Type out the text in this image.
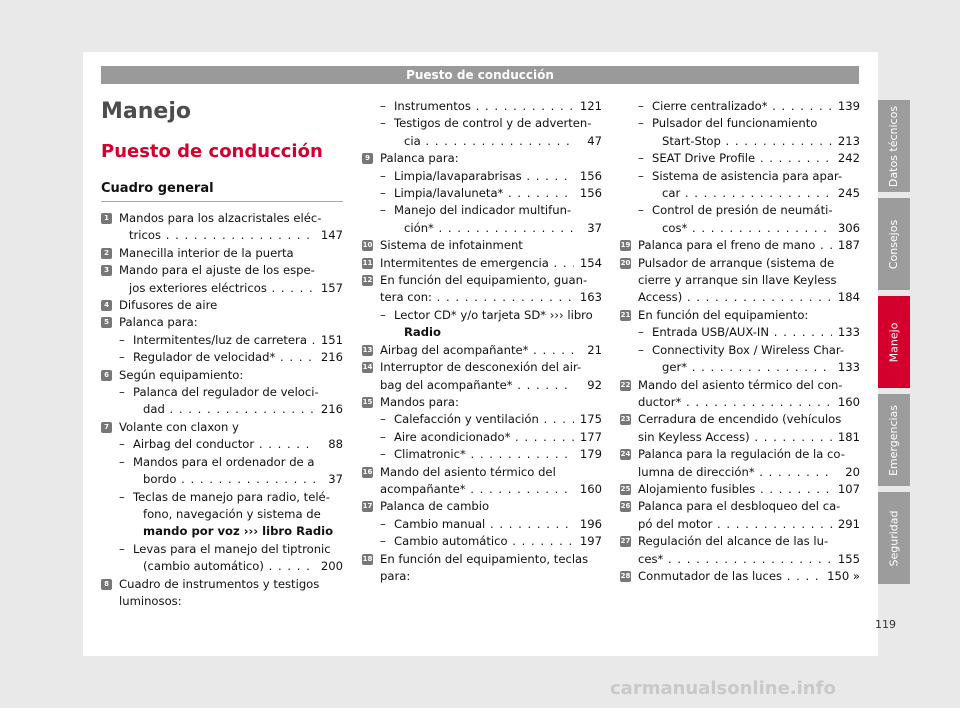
Puesto de conducción
Manejo
Puesto de conducción
Cuadro general
1 Mandos para los alzacristales eléc-
tricos . . .	147
2 Manecilla interior de la puerta
3 Mando para el ajuste de los espe-
jos exteriores eléctricos . . .	157
4 Difusores de aire
5 Palanca para:
– Intermitentes/luz de carretera . . .	151
– Regulador de velocidad* . . .	216
6 Según equipamiento:
– Palanca del regulador de veloci-
dad . . .	216
7 Volante con claxon y
– Airbag del conductor . . .	88
– Mandos para el ordenador de a
bordo . . .	37
– Teclas de manejo para radio, telé-
fono, navegación y sistema de
mando por voz ››› libro Radio
– Levas para el manejo del tiptronic
(cambio automático) . . .	200
8 Cuadro de instrumentos y testigos
luminosos:
– Instrumentos . . .	121
– Testigos de control y de adverten-
cia . . .	47
9 Palanca para:
– Limpia/lavaparabrisas . . .	156
– Limpia/lavaluneta* . . .	156
– Manejo del indicador multifun-
ción* . . .	37
10 Sistema de infotainment
11 Intermitentes de emergencia . . .	154
12 En función del equipamiento, guan-
tera con: . . .	163
– Lector CD* y/o tarjeta SD* ››› libro
Radio
13 Airbag del acompañante* . . .	21
14 Interruptor de desconexión del air-
bag del acompañante* . . .	92
15 Mandos para:
– Calefacción y ventilación . . .	175
– Aire acondicionado* . . .	177
– Climatronic* . . .	179
16 Mando del asiento térmico del
acompañante* . . .	160
17 Palanca de cambio
– Cambio manual . . .	196
– Cambio automático . . .	197
18 En función del equipamiento, teclas
para:
– Cierre centralizado* . . .	139
– Pulsador del funcionamiento
Start-Stop . . .	213
– SEAT Drive Profile . . .	242
– Sistema de asistencia para apar-
car . . .	245
– Control de presión de neumáti-
cos* . . .	306
19 Palanca para el freno de mano . . .	187
20 Pulsador de arranque (sistema de
cierre y arranque sin llave Keyless
Access) . . .	184
21 En función del equipamiento:
– Entrada USB/AUX-IN . . .	133
– Connectivity Box / Wireless Char-
ger* . . .	133
22 Mando del asiento térmico del con-
ductor* . . .	160
23 Cerradura de encendido (vehículos
sin Keyless Access) . . .	181
24 Palanca para la regulación de la co-
lumna de dirección* . . .	20
25 Alojamiento fusibles . . .	107
26 Palanca para el desbloqueo del ca-
pó del motor . . .	291
27 Regulación del alcance de las lu-
ces* . . .	155
28 Conmutador de las luces . . .	150 »
Datos técnicos
Consejos
Manejo
Emergencias
Seguridad
119
carmanualsonline.info
